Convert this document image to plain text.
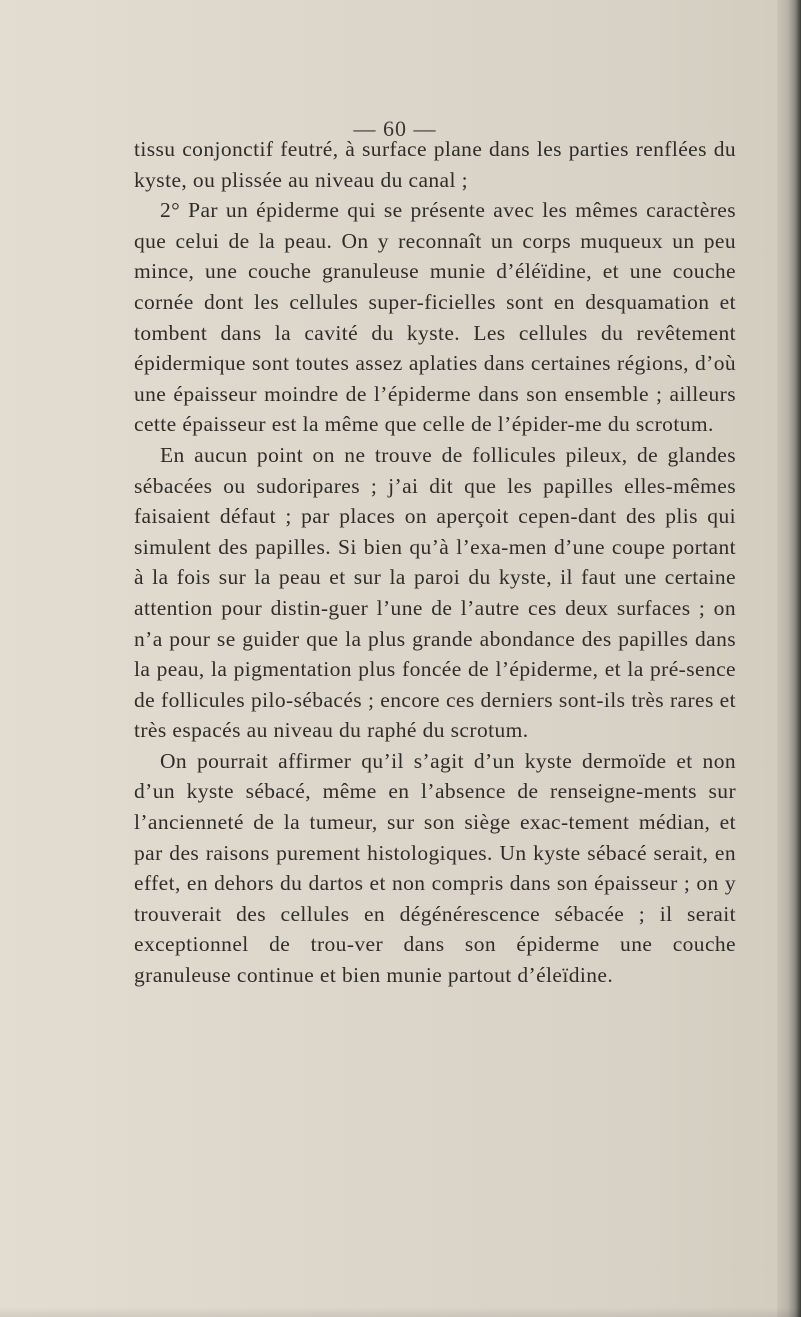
— 60 —

tissu conjonctif feutré, à surface plane dans les parties renflées du kyste, ou plissée au niveau du canal ;

2° Par un épiderme qui se présente avec les mêmes caractères que celui de la peau. On y reconnaît un corps muqueux un peu mince, une couche granuleuse munie d’éléïdine, et une couche cornée dont les cellules super-ficielles sont en desquamation et tombent dans la cavité du kyste. Les cellules du revêtement épidermique sont toutes assez aplaties dans certaines régions, d’où une épaisseur moindre de l’épiderme dans son ensemble ; ailleurs cette épaisseur est la même que celle de l’épider-me du scrotum.

En aucun point on ne trouve de follicules pileux, de glandes sébacées ou sudoripares ; j’ai dit que les papilles elles-mêmes faisaient défaut ; par places on aperçoit cepen-dant des plis qui simulent des papilles. Si bien qu’à l’exa-men d’une coupe portant à la fois sur la peau et sur la paroi du kyste, il faut une certaine attention pour distin-guer l’une de l’autre ces deux surfaces ; on n’a pour se guider que la plus grande abondance des papilles dans la peau, la pigmentation plus foncée de l’épiderme, et la pré-sence de follicules pilo-sébacés ; encore ces derniers sont-ils très rares et très espacés au niveau du raphé du scrotum.

On pourrait affirmer qu’il s’agit d’un kyste dermoïde et non d’un kyste sébacé, même en l’absence de renseigne-ments sur l’ancienneté de la tumeur, sur son siège exac-tement médian, et par des raisons purement histologiques. Un kyste sébacé serait, en effet, en dehors du dartos et non compris dans son épaisseur ; on y trouverait des cellules en dégénérescence sébacée ; il serait exceptionnel de trou-ver dans son épiderme une couche granuleuse continue et bien munie partout d’éleïdine.
